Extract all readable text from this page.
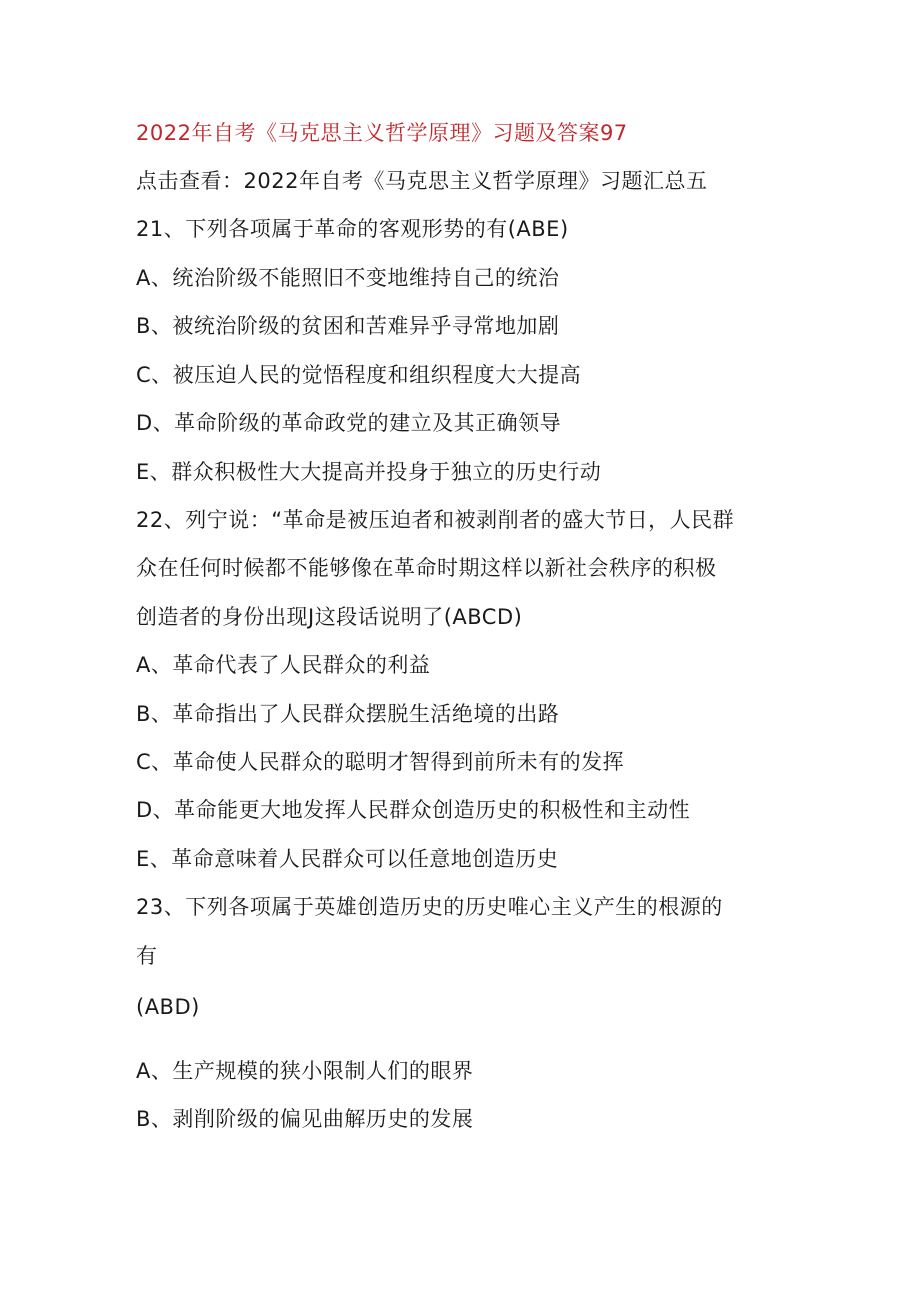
2022年自考《马克思主义哲学原理》习题及答案97
点击查看：2022年自考《马克思主义哲学原理》习题汇总五
21、下列各项属于革命的客观形势的有(ABE)
A、统治阶级不能照旧不变地维持自己的统治
B、被统治阶级的贫困和苦难异乎寻常地加剧
C、被压迫人民的觉悟程度和组织程度大大提高
D、革命阶级的革命政党的建立及其正确领导
E、群众积极性大大提高并投身于独立的历史行动
22、列宁说：“革命是被压迫者和被剥削者的盛大节日，人民群
众在任何时候都不能够像在革命时期这样以新社会秩序的积极
创造者的身份出现J这段话说明了(ABCD)
A、革命代表了人民群众的利益
B、革命指出了人民群众摆脱生活绝境的出路
C、革命使人民群众的聪明才智得到前所未有的发挥
D、革命能更大地发挥人民群众创造历史的积极性和主动性
E、革命意味着人民群众可以任意地创造历史
23、下列各项属于英雄创造历史的历史唯心主义产生的根源的
有
(ABD)
A、生产规模的狭小限制人们的眼界
B、剥削阶级的偏见曲解历史的发展
